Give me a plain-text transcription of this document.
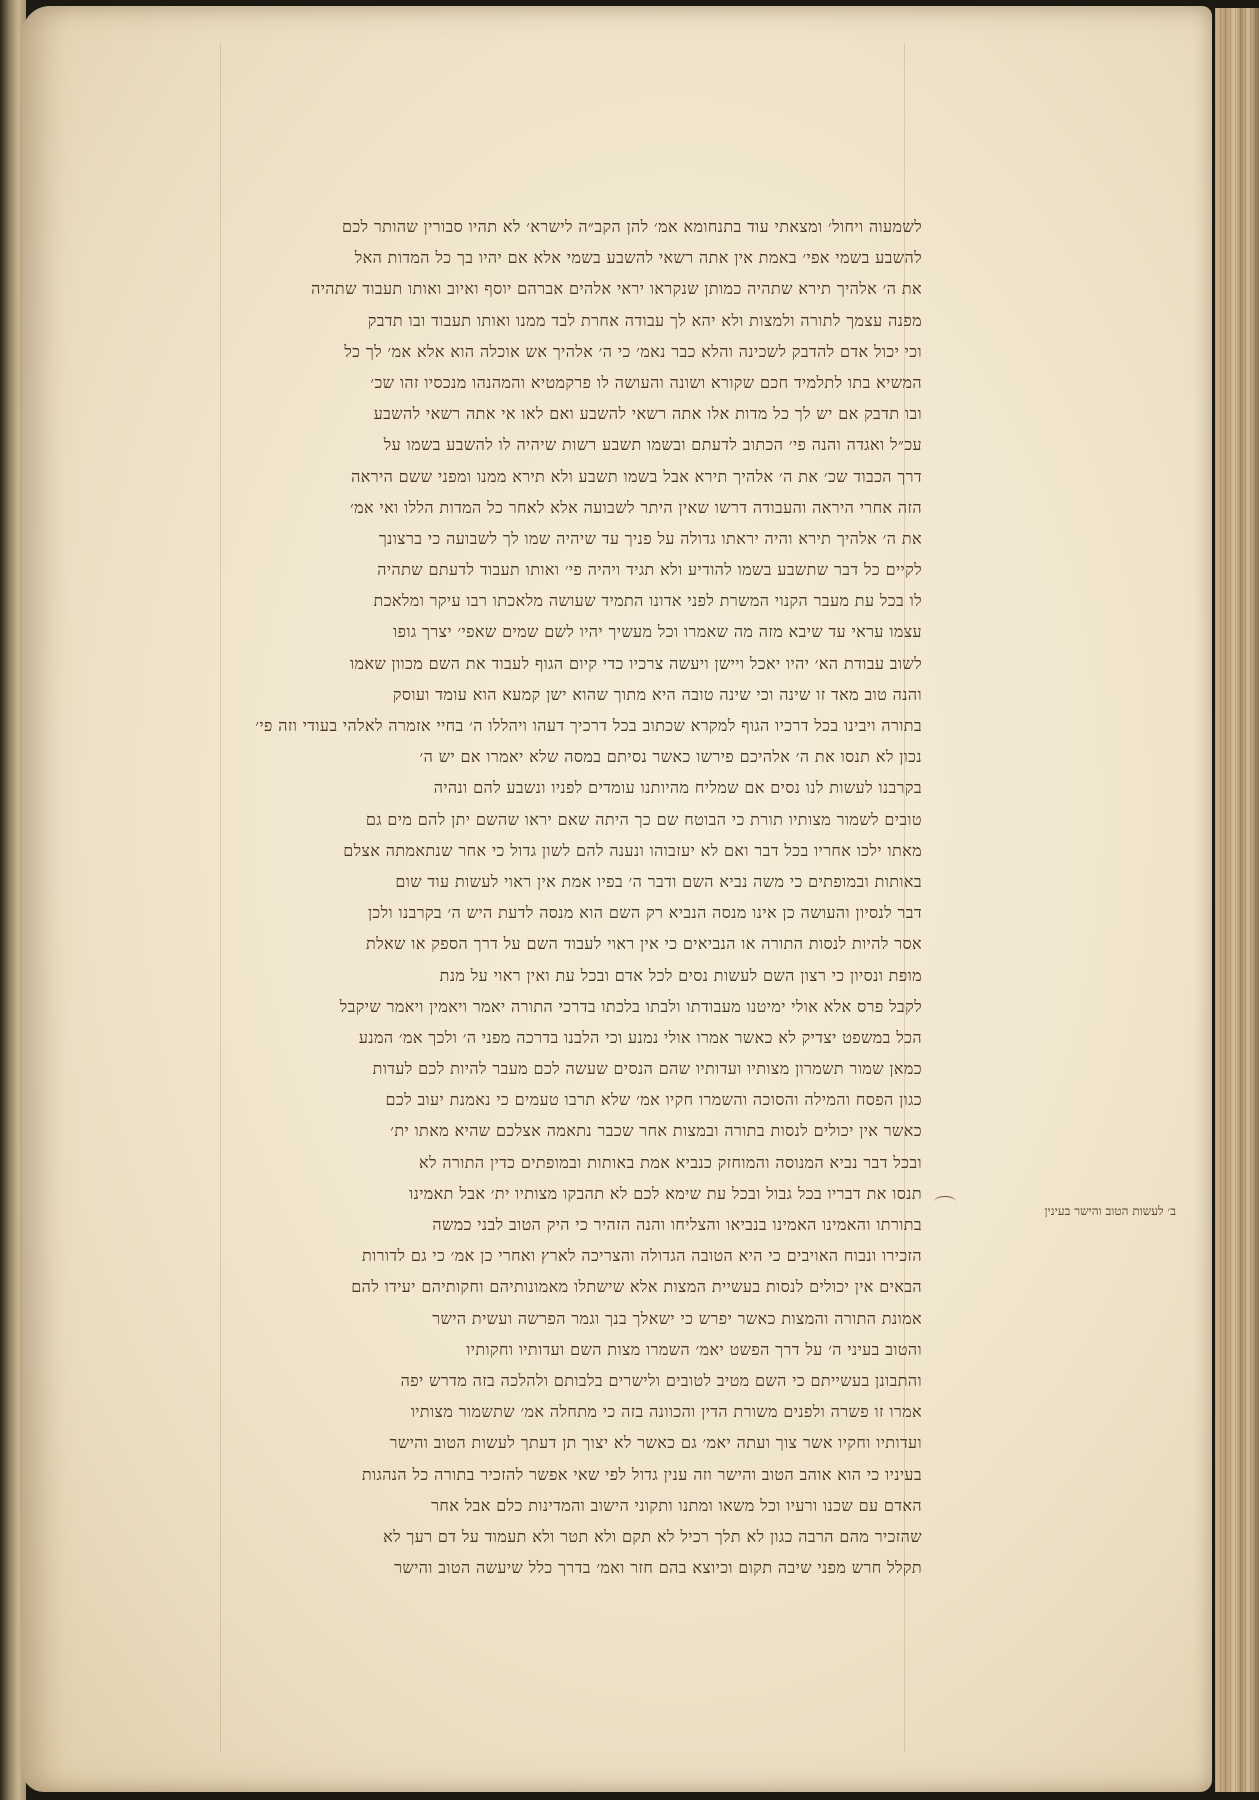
לשמעוה ויחול׳ ומצאתי עוד בתנחומא אמ׳ להן הקב״ה לישרא׳ לא תהיו סבורין שהותר לכם
להשבע בשמי אפי׳ באמת אין אתה רשאי להשבע בשמי אלא אם יהיו בך כל המדות האל
את ה׳ אלהיך תירא שתהיה כמותן שנקראו יראי אלהים אברהם יוסף ואיוב ואותו תעבוד שתהיה
מפנה עצמך לתורה ולמצות ולא יהא לך עבודה אחרת לבד ממנו ואותו תעבוד ובו תדבק
וכי יכול אדם להדבק לשכינה והלא כבר נאמ׳ כי ה׳ אלהיך אש אוכלה הוא אלא אמ׳ לך כל
המשיא בתו לתלמיד חכם שקורא ושונה והעושה לו פרקמטיא והמהנהו מנכסיו זהו שכ׳
ובו תדבק אם יש לך כל מדות אלו אתה רשאי להשבע ואם לאו אי אתה רשאי להשבע
עכ״ל ואגדה והנה פי׳ הכתוב לדעתם ובשמו תשבע רשות שיהיה לו להשבע בשמו על
דרך הכבוד שכ׳ את ה׳ אלהיך תירא אבל בשמו תשבע ולא תירא ממנו ומפני ששם היראה
הזה אחרי היראה והעבודה דרשו שאין היתר לשבועה אלא לאחר כל המדות הללו ואי אמ׳
את ה׳ אלהיך תירא והיה יראתו גדולה על פניך עד שיהיה שמו לך לשבועה כי ברצונך
לקיים כל דבר שתשבע בשמו להודיע ולא תגיד ויהיה פי׳ ואותו תעבוד לדעתם שתהיה
לו בכל עת מעבר הקנוי המשרת לפני אדונו התמיד שעושה מלאכתו רבו עיקר ומלאכת
עצמו עראי עד שיבא מזה מה שאמרו וכל מעשיך יהיו לשם שמים שאפי׳ יצרך גופו
לשוב עבודת הא׳ יהיו יאכל ויישן ויעשה צרכיו כדי קיום הגוף לעבוד את השם מכוון שאמו
והנה טוב מאד זו שינה וכי שינה טובה היא מתוך שהוא ישן קמעא הוא עומד ועוסק
בתורה ויבינו בכל דרכיו הגוף למקרא שכתוב בכל דרכיך דעהו ויהללו ה׳ בחיי אזמרה לאלהי בעודי וזה פי׳
נכון לא תנסו את ה׳ אלהיכם פירשו כאשר נסיתם במסה שלא יאמרו אם יש ה׳
בקרבנו לעשות לנו נסים אם שמליח מהיותנו עומדים לפניו ונשבע להם ונהיה
טובים לשמור מצותיו תורת כי הבוטח שם כך היתה שאם יראו שהשם יתן להם מים גם
מאתו ילכו אחריו בכל דבר ואם לא יעזבוהו ונענה להם לשון גדול כי אחר שנתאמתה אצלם
באותות ובמופתים כי משה נביא השם ודבר ה׳ בפיו אמת אין ראוי לעשות עוד שום
דבר לנסיון והעושה כן אינו מנסה הנביא רק השם הוא מנסה לדעת היש ה׳ בקרבנו ולכן
אסר להיות לנסות התורה או הנביאים כי אין ראוי לעבוד השם על דרך הספק או שאלת
מופת ונסיון כי רצון השם לעשות נסים לכל אדם ובכל עת ואין ראוי על מנת
לקבל פרס אלא אולי ימיטנו מעבודתו ולבתו בלכתו בדרכי התורה יאמר ויאמין ויאמר שיקבל
הכל במשפט יצדיק לא כאשר אמרו אולי נמנע וכי הלבנו בדרכה מפני ה׳ ולכך אמ׳ המנע
כמאן שמור תשמרון מצותיו ועדותיו שהם הנסים שעשה לכם מעבר להיות לכם לעדות
כגון הפסח והמילה והסוכה והשמרו חקיו אמ׳ שלא תרבו טעמים כי נאמנת יעוב לכם
כאשר אין יכולים לנסות בתורה ובמצות אחר שכבר נתאמה אצלכם שהיא מאתו ית׳
ובכל דבר נביא המנוסה והמוחזק כנביא אמת באותות ובמופתים כדין התורה לא
תנסו את דבריו בכל גבול ובכל עת שימא לכם לא תהבקו מצותיו ית׳ אבל תאמינו
בתורתו והאמינו האמינו בנביאו והצליחו והנה הזהיר כי היק הטוב לבני כמשה
הזכירו ונבוח האויבים כי היא הטובה הגדולה והצריכה לארץ ואחרי כן אמ׳ כי גם לדורות
הבאים אין יכולים לנסות בעשיית המצות אלא שישתלו מאמונותיהם וחקותיהם יעידו להם
אמונת התורה והמצות כאשר יפרש כי ישאלך בנך וגמר הפרשה ועשית הישר
והטוב בעיני ה׳ על דרך הפשט יאמ׳ השמרו מצות השם ועדותיו וחקותיו
והתבונן בעשייתם כי השם מטיב לטובים ולישרים בלבותם ולהלכה בזה מדרש יפה
אמרו זו פשרה ולפנים משורת הדין והכוונה בזה כי מתחלה אמ׳ שתשמור מצותיו
ועדותיו וחקיו אשר צוך ועתה יאמ׳ גם כאשר לא יצוך תן דעתך לעשות הטוב והישר
בעיניו כי הוא אוהב הטוב והישר וזה ענין גדול לפי שאי אפשר להזכיר בתורה כל הנהגות
האדם עם שכנו ורעיו וכל משאו ומתנו ותקוני הישוב והמדינות כלם אבל אחר
שהזכיר מהם הרבה כגון לא תלך רכיל לא תקם ולא תטר ולא תעמוד על דם רעך לא
תקלל חרש מפני שיבה תקום וכיוצא בהם חזר ואמ׳ בדרך כלל שיעשה הטוב והישר
ב׳ לעשות הטוב והישר בעינין
